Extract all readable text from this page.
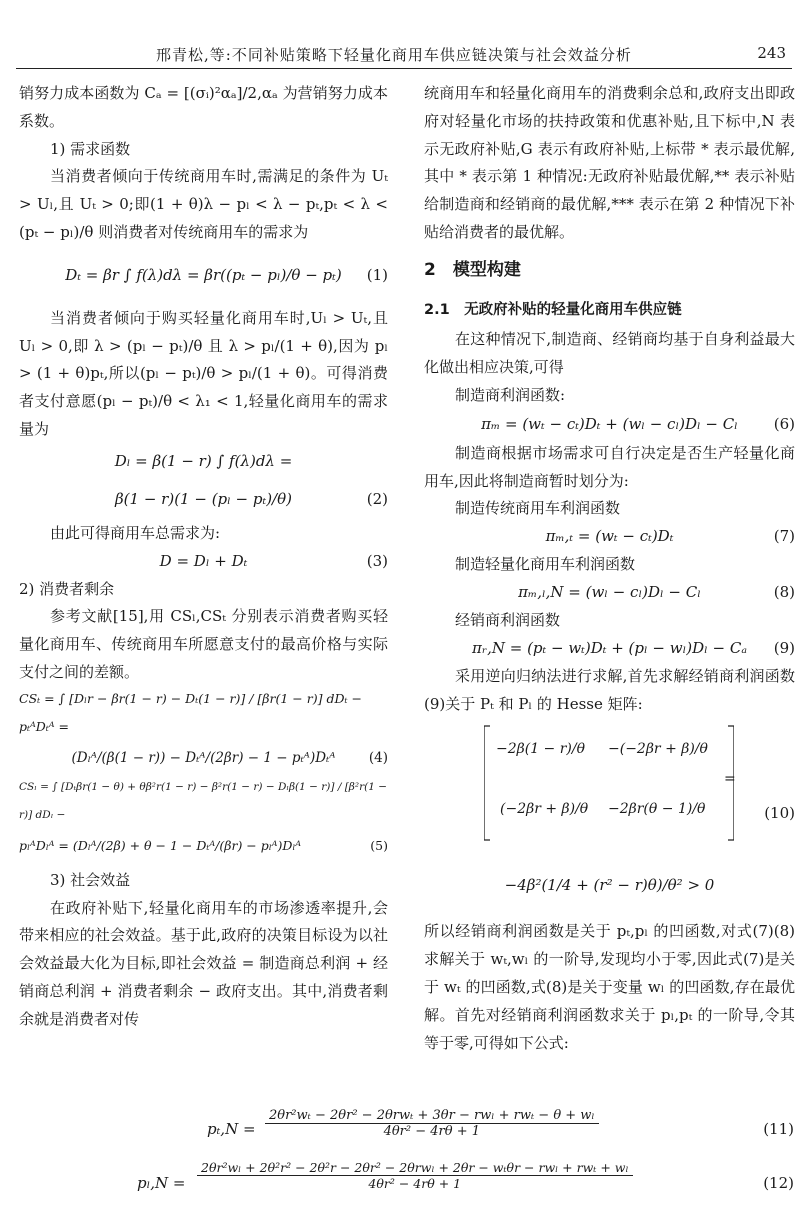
邢青松,等:不同补贴策略下轻量化商用车供应链决策与社会效益分析	243

销努力成本函数为 Cₐ = [(σᵢ)²αₐ]/2,αₐ 为营销努力成本系数。

1) 需求函数

当消费者倾向于传统商用车时,需满足的条件为 Uₜ > Uₗ,且 Uₜ > 0;即(1 + θ)λ − pₗ < λ − pₜ,pₜ < λ < (pₜ − pₗ)/θ 则消费者对传统商用车的需求为

Dₜ = βr ∫ f(λ)dλ = βr((pₜ − pₗ)/θ − pₜ) (1)

当消费者倾向于购买轻量化商用车时,Uₗ > Uₜ,且 Uₗ > 0,即 λ > (pₗ − pₜ)/θ 且 λ > pₗ/(1 + θ),因为 pₗ > (1 + θ)pₜ,所以(pₗ − pₜ)/θ > pₗ/(1 + θ)。可得消费者支付意愿(pₗ − pₜ)/θ < λ₁ < 1,轻量化商用车的需求量为

Dₗ = β(1 − r) ∫ f(λ)dλ =
β(1 − r)(1 − (pₗ − pₜ)/θ)	(2)

由此可得商用车总需求为:

D = Dₗ + Dₜ	(3)

2) 消费者剩余

参考文献[15],用 CSₗ,CSₜ 分别表示消费者购买轻量化商用车、传统商用车所愿意支付的最高价格与实际支付之间的差额。

CSₜ = ∫ [Dₗr − βr(1 − r) − Dₜ(1 − r)] / [βr(1 − r)] dDₜ − pₜᴬDₜᴬ =
(Dₗᴬ/(β(1 − r)) − Dₜᴬ/(2βr) − 1 − pₜᴬ)Dₜᴬ (4)
CSₗ = ∫ [Dₜβr(1 − θ) + θβ²r(1 − r) − β²r(1 − r) − Dₗβ(1 − r)] / [β²r(1 − r)] dDₗ −
pₗᴬDₗᴬ = (Dₗᴬ/(2β) + θ − 1 − Dₜᴬ/(βr) − pₗᴬ)Dₗᴬ	(5)

3) 社会效益

在政府补贴下,轻量化商用车的市场渗透率提升,会带来相应的社会效益。基于此,政府的决策目标设为以社会效益最大化为目标,即社会效益 = 制造商总利润 + 经销商总利润 + 消费者剩余 − 政府支出。其中,消费者剩余就是消费者对传

统商用车和轻量化商用车的消费剩余总和,政府支出即政府对轻量化市场的扶持政策和优惠补贴,且下标中,N 表示无政府补贴,G 表示有政府补贴,上标带 * 表示最优解,其中 * 表示第 1 种情况:无政府补贴最优解,** 表示补贴给制造商和经销商的最优解,*** 表示在第 2 种情况下补贴给消费者的最优解。

2　模型构建

2.1　无政府补贴的轻量化商用车供应链

在这种情况下,制造商、经销商均基于自身利益最大化做出相应决策,可得

制造商利润函数:

πₘ = (wₜ − cₜ)Dₜ + (wₗ − cₗ)Dₗ − Cₗ (6)

制造商根据市场需求可自行决定是否生产轻量化商用车,因此将制造商暂时划分为:

制造传统商用车利润函数

πₘ,ₜ = (wₜ − cₜ)Dₜ	(7)

制造轻量化商用车利润函数

πₘ,ₗ,N = (wₗ − cₗ)Dₗ − Cₗ	(8)

经销商利润函数

πᵣ,N = (pₜ − wₜ)Dₜ + (pₗ − wₗ)Dₗ − Cₐ (9)

采用逆向归纳法进行求解,首先求解经销商利润函数(9)关于 Pₜ 和 Pₗ 的 Hesse 矩阵:

−2β(1 − r)/θ −(−2βr + β)/θ
(−2βr + β)/θ −2βr(θ − 1)/θ
=
(10)
−4β²(1/4 + (r² − r)θ)/θ² > 0

所以经销商利润函数是关于 pₜ,pₗ 的凹函数,对式(7)(8)求解关于 wₜ,wₗ 的一阶导,发现均小于零,因此式(7)是关于 wₜ 的凹函数,式(8)是关于变量 wₗ 的凹函数,存在最优解。首先对经销商利润函数求关于 pₗ,pₜ 的一阶导,令其等于零,可得如下公式:

pₜ,N =
2θr²wₜ − 2θr² − 2θrwₜ + 3θr − rwₗ + rwₜ − θ + wₗ
4θr² − 4rθ + 1	(11)
pₗ,N =
2θr²wₗ + 2θ²r² − 2θ²r − 2θr² − 2θrwₗ + 2θr − wₜθr − rwₗ + rwₜ + wₗ
4θr² − 4rθ + 1	(12)
